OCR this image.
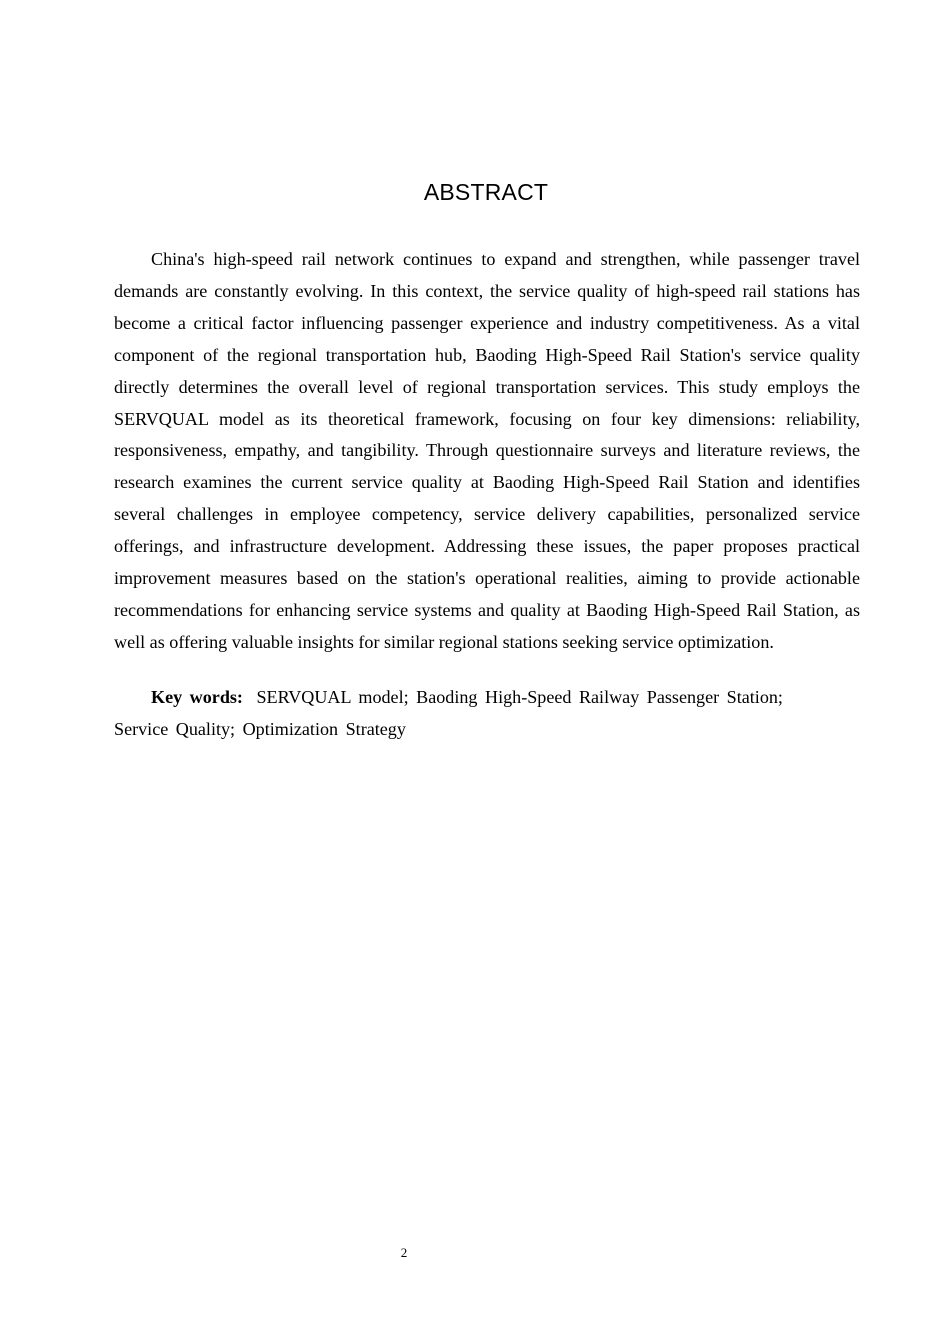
ABSTRACT

China's high-speed rail network continues to expand and strengthen, while passenger travel demands are constantly evolving. In this context, the service quality of high-speed rail stations has become a critical factor influencing passenger experience and industry competitiveness. As a vital component of the regional transportation hub, Baoding High-Speed Rail Station's service quality directly determines the overall level of regional transportation services. This study employs the SERVQUAL model as its theoretical framework, focusing on four key dimensions: reliability, responsiveness, empathy, and tangibility. Through questionnaire surveys and literature reviews, the research examines the current service quality at Baoding High-Speed Rail Station and identifies several challenges in employee competency, service delivery capabilities, personalized service offerings, and infrastructure development. Addressing these issues, the paper proposes practical improvement measures based on the station's operational realities, aiming to provide actionable recommendations for enhancing service systems and quality at Baoding High-Speed Rail Station, as well as offering valuable insights for similar regional stations seeking service optimization.

Key words: SERVQUAL model; Baoding High-Speed Railway Passenger Station;
Service Quality; Optimization Strategy

2
